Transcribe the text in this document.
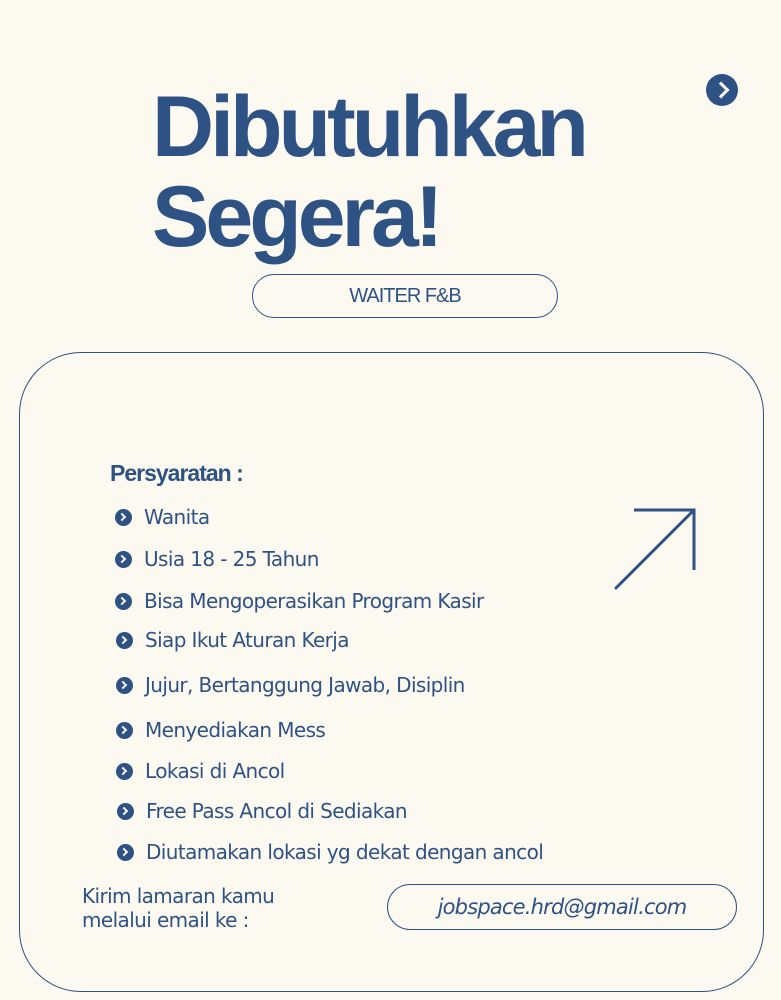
Dibutuhkan
Segera!
WAITER F&B
Persyaratan :
Wanita
Usia 18 - 25 Tahun
Bisa Mengoperasikan Program Kasir
Siap Ikut Aturan Kerja
Jujur, Bertanggung Jawab, Disiplin
Menyediakan Mess
Lokasi di Ancol
Free Pass Ancol di Sediakan
Diutamakan lokasi yg dekat dengan ancol

Kirim lamaran kamu
melalui email ke :

jobspace.hrd@gmail.com
